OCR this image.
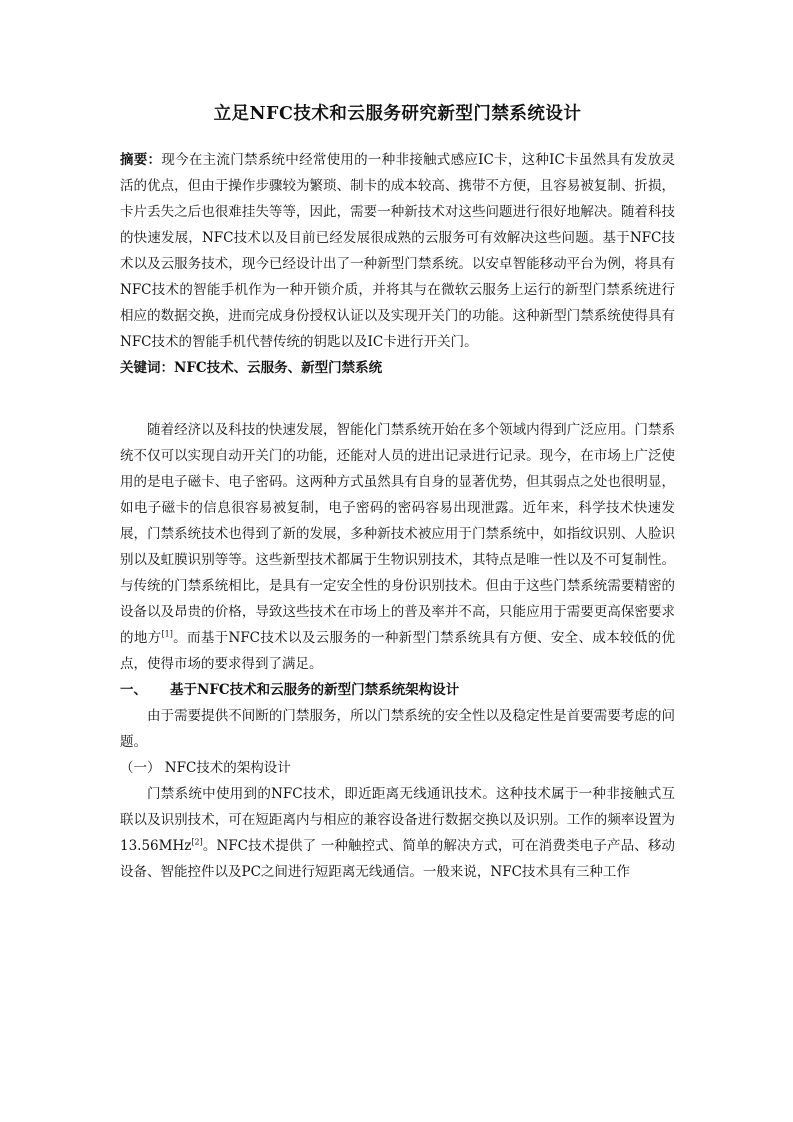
立足NFC技术和云服务研究新型门禁系统设计

摘要：现今在主流门禁系统中经常使用的一种非接触式感应IC卡，这种IC卡虽然具有发放灵活的优点，但由于操作步骤较为繁琐、制卡的成本较高、携带不方便，且容易被复制、折损，卡片丢失之后也很难挂失等等，因此，需要一种新技术对这些问题进行很好地解决。随着科技的快速发展，NFC技术以及目前已经发展很成熟的云服务可有效解决这些问题。基于NFC技术以及云服务技术，现今已经设计出了一种新型门禁系统。以安卓智能移动平台为例，将具有NFC技术的智能手机作为一种开锁介质，并将其与在微软云服务上运行的新型门禁系统进行相应的数据交换，进而完成身份授权认证以及实现开关门的功能。这种新型门禁系统使得具有NFC技术的智能手机代替传统的钥匙以及IC卡进行开关门。

关键词：NFC技术、云服务、新型门禁系统

随着经济以及科技的快速发展，智能化门禁系统开始在多个领域内得到广泛应用。门禁系统不仅可以实现自动开关门的功能，还能对人员的进出记录进行记录。现今，在市场上广泛使用的是电子磁卡、电子密码。这两种方式虽然具有自身的显著优势，但其弱点之处也很明显，如电子磁卡的信息很容易被复制，电子密码的密码容易出现泄露。近年来，科学技术快速发展，门禁系统技术也得到了新的发展，多种新技术被应用于门禁系统中，如指纹识别、人脸识别以及虹膜识别等等。这些新型技术都属于生物识别技术，其特点是唯一性以及不可复制性。与传统的门禁系统相比，是具有一定安全性的身份识别技术。但由于这些门禁系统需要精密的设备以及昂贵的价格，导致这些技术在市场上的普及率并不高，只能应用于需要更高保密要求的地方[1]。而基于NFC技术以及云服务的一种新型门禁系统具有方便、安全、成本较低的优点，使得市场的要求得到了满足。

一、	基于NFC技术和云服务的新型门禁系统架构设计

由于需要提供不间断的门禁服务，所以门禁系统的安全性以及稳定性是首要需要考虑的问题。

（一） NFC技术的架构设计

门禁系统中使用到的NFC技术，即近距离无线通讯技术。这种技术属于一种非接触式互联以及识别技术，可在短距离内与相应的兼容设备进行数据交换以及识别。工作的频率设置为13.56MHz[2]。NFC技术提供了 一种触控式、简单的解决方式，可在消费类电子产品、移动设备、智能控件以及PC之间进行短距离无线通信。一般来说，NFC技术具有三种工作
